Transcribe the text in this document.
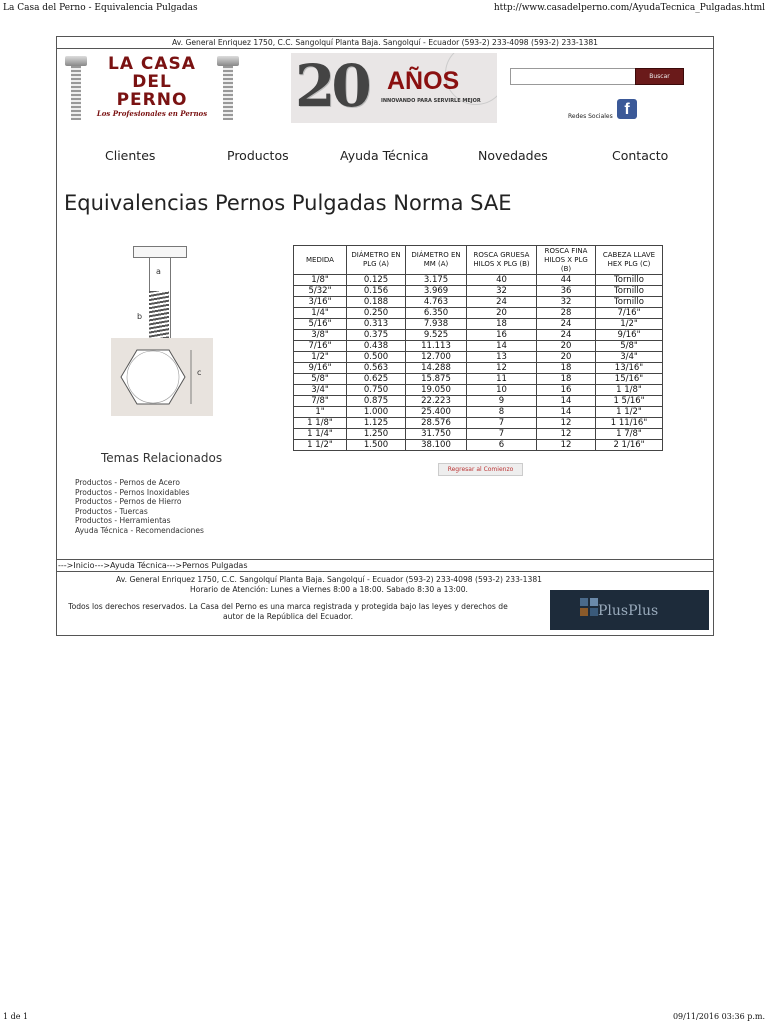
La Casa del Perno - Equivalencia Pulgadas	http://www.casadelperno.com/AyudaTecnica_Pulgadas.html
Av. General Enriquez 1750, C.C. Sangolquí Planta Baja. Sangolquí - Ecuador (593-2) 233-4098 (593-2) 233-1381
LA CASA
DEL
PERNO
Los Profesionales en Pernos 20 AÑOS
INNOVANDO PARA SERVIRLE MEJOR
Buscar
Redes Sociales f
Clientes	Productos	Ayuda Técnica	Novedades	Contacto
Equivalencias Pernos Pulgadas Norma SAE
a
b
c
MEDIDA	DIÁMETRO EN PLG (A)	DIÁMETRO EN MM (A)	ROSCA GRUESA HILOS X PLG (B)	ROSCA FINA HILOS X PLG (B)	CABEZA LLAVE HEX PLG (C)
1/8"	0.125	3.175	40	44	Tornillo
5/32"	0.156	3.969	32	36	Tornillo
3/16"	0.188	4.763	24	32	Tornillo
1/4"	0.250	6.350	20	28	7/16"
5/16"	0.313	7.938	18	24	1/2"
3/8"	0.375	9.525	16	24	9/16"
7/16"	0.438	11.113	14	20	5/8"
1/2"	0.500	12.700	13	20	3/4"
9/16"	0.563	14.288	12	18	13/16"
5/8"	0.625	15.875	11	18	15/16"
3/4"	0.750	19.050	10	16	1 1/8"
7/8"	0.875	22.223	9	14	1 5/16"
1"	1.000	25.400	8	14	1 1/2"
1 1/8"	1.125	28.576	7	12	1 11/16"
1 1/4"	1.250	31.750	7	12	1 7/8"
1 1/2"	1.500	38.100	6	12	2 1/16"
Regresar al Comienzo
Temas Relacionados
Productos - Pernos de Acero
Productos - Pernos Inoxidables
Productos - Pernos de Hierro
Productos - Tuercas
Productos - Herramientas
Ayuda Técnica - Recomendaciones
--->Inicio--->Ayuda Técnica--->Pernos Pulgadas
Av. General Enriquez 1750, C.C. Sangolquí Planta Baja. Sangolquí - Ecuador (593-2) 233-4098 (593-2) 233-1381
Horario de Atención: Lunes a Viernes 8:00 a 18:00. Sabado 8:30 a 13:00.
Todos los derechos reservados. La Casa del Perno es una marca registrada y protegida bajo las leyes y derechos de autor de la República del Ecuador.	PlusPlus
1 de 1	09/11/2016 03:36 p.m.
